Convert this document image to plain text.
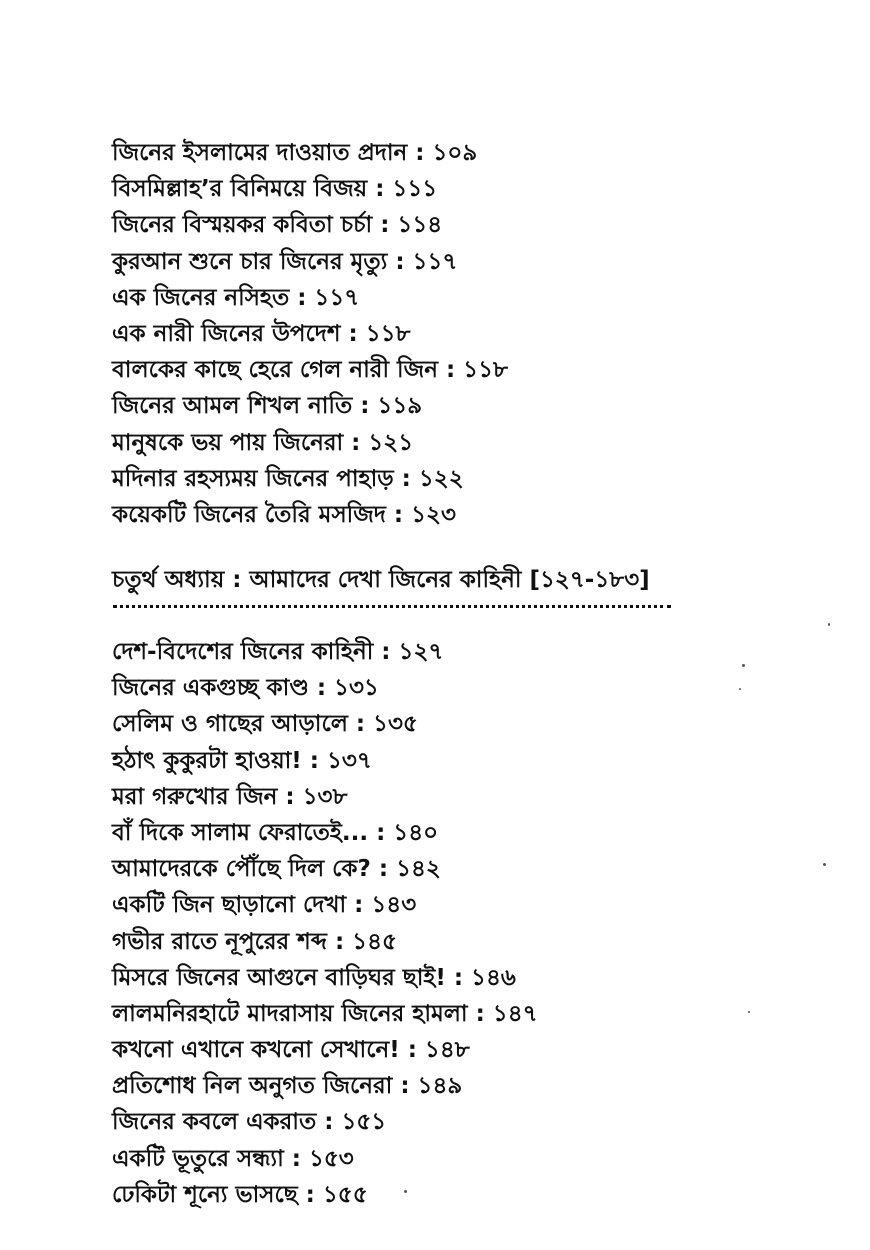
জিনের ইসলামের দাওয়াত প্রদান : ১০৯
বিসমিল্লাহ’র বিনিময়ে বিজয় : ১১১
জিনের বিস্ময়কর কবিতা চর্চা : ১১৪
কুরআন শুনে চার জিনের মৃত্যু : ১১৭
এক জিনের নসিহত : ১১৭
এক নারী জিনের উপদেশ : ১১৮
বালকের কাছে হেরে গেল নারী জিন : ১১৮
জিনের আমল শিখল নাতি : ১১৯
মানুষকে ভয় পায় জিনেরা : ১২১
মদিনার রহস্যময় জিনের পাহাড় : ১২২
কয়েকটি জিনের তৈরি মসজিদ : ১২৩
চতুর্থ অধ্যায় : আমাদের দেখা জিনের কাহিনী [১২৭-১৮৩]
দেশ-বিদেশের জিনের কাহিনী : ১২৭
জিনের একগুচ্ছ কাণ্ড : ১৩১
সেলিম ও গাছের আড়ালে : ১৩৫
হঠাৎ কুকুরটা হাওয়া! : ১৩৭
মরা গরুখোর জিন : ১৩৮
বাঁ দিকে সালাম ফেরাতেই... : ১৪০
আমাদেরকে পৌঁছে দিল কে? : ১৪২
একটি জিন ছাড়ানো দেখা : ১৪৩
গভীর রাতে নূপুরের শব্দ : ১৪৫
মিসরে জিনের আগুনে বাড়িঘর ছাই! : ১৪৬
লালমনিরহাটে মাদরাসায় জিনের হামলা : ১৪৭
কখনো এখানে কখনো সেখানে! : ১৪৮
প্রতিশোধ নিল অনুগত জিনেরা : ১৪৯
জিনের কবলে একরাত : ১৫১
একটি ভূতুরে সন্ধ্যা : ১৫৩
ঢেকিটা শূন্যে ভাসছে : ১৫৫
